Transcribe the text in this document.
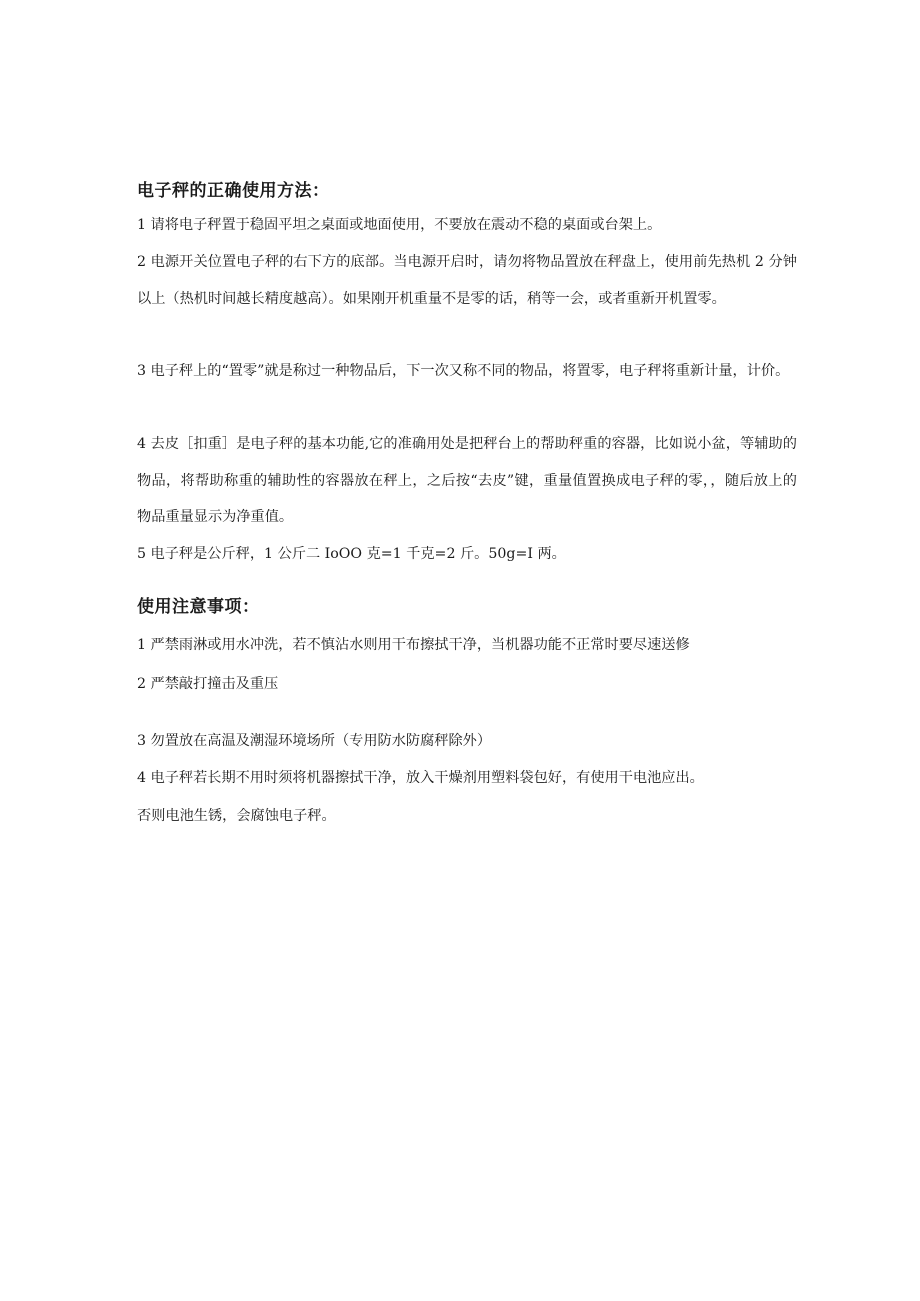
电子秤的正确使用方法：
1 请将电子秤置于稳固平坦之桌面或地面使用，不要放在震动不稳的桌面或台架上。
2 电源开关位置电子秤的右下方的底部。当电源开启时，请勿将物品置放在秤盘上，使用前先热机 2 分钟以上（热机时间越长精度越高）。如果刚开机重量不是零的话，稍等一会，或者重新开机置零。
3 电子秤上的“置零”就是称过一种物品后，下一次又称不同的物品，将置零，电子秤将重新计量，计价。
4 去皮［扣重］是电子秤的基本功能,它的准确用处是把秤台上的帮助秤重的容器，比如说小盆，等辅助的物品，将帮助称重的辅助性的容器放在秤上，之后按“去皮”键，重量值置换成电子秤的零，，随后放上的物品重量显示为净重值。
5 电子秤是公斤秤，1 公斤二 IoOO 克=1 千克=2 斤。50g=I 两。
使用注意事项：
1 严禁雨淋或用水冲洗，若不慎沾水则用干布擦拭干净，当机器功能不正常时要尽速送修
2 严禁敲打撞击及重压
3 勿置放在高温及潮湿环境场所（专用防水防腐秤除外）
4 电子秤若长期不用时须将机器擦拭干净，放入干燥剂用塑料袋包好，有使用干电池应出。
否则电池生锈，会腐蚀电子秤。
